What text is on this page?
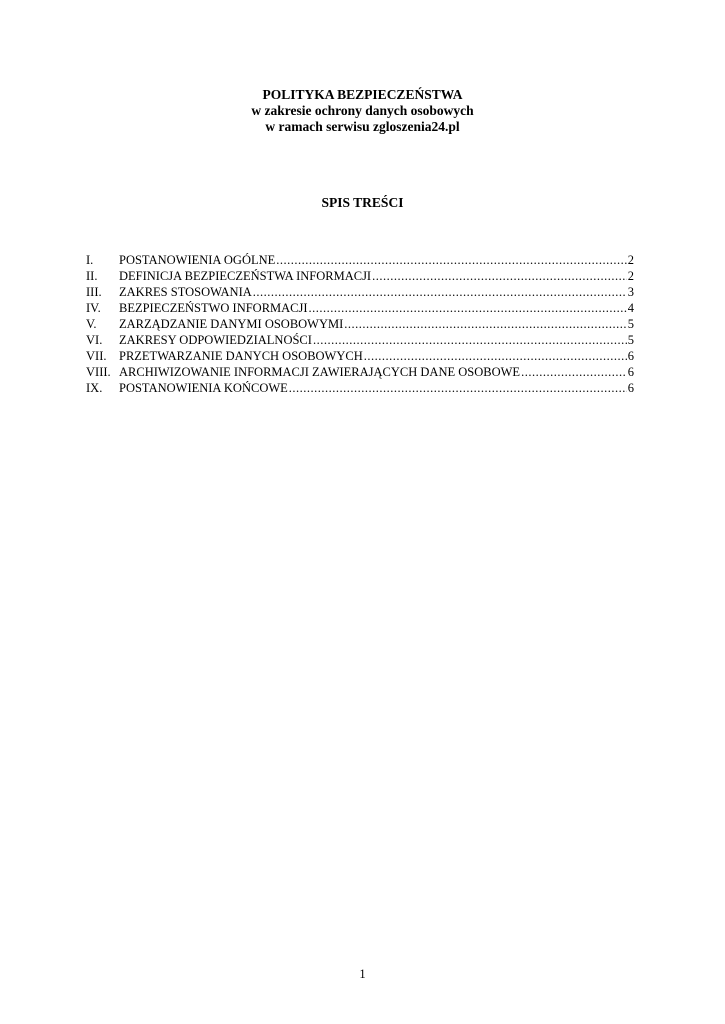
POLITYKA BEZPIECZEŃSTWA
w zakresie ochrony danych osobowych
w ramach serwisu zgloszenia24.pl
SPIS TREŚCI
I.	POSTANOWIENIA OGÓLNE .....	2
II.	DEFINICJA BEZPIECZEŃSTWA INFORMACJI .....	2
III.	ZAKRES STOSOWANIA .....	3
IV.	BEZPIECZEŃSTWO INFORMACJI .....	4
V.	ZARZĄDZANIE DANYMI OSOBOWYMI .....	5
VI.	ZAKRESY ODPOWIEDZIALNOŚCI .....	5
VII.	PRZETWARZANIE DANYCH OSOBOWYCH .....	6
VIII. ARCHIWIZOWANIE INFORMACJI ZAWIERAJĄCYCH DANE OSOBOWE .....	6
IX.	POSTANOWIENIA KOŃCOWE .....	6
1
